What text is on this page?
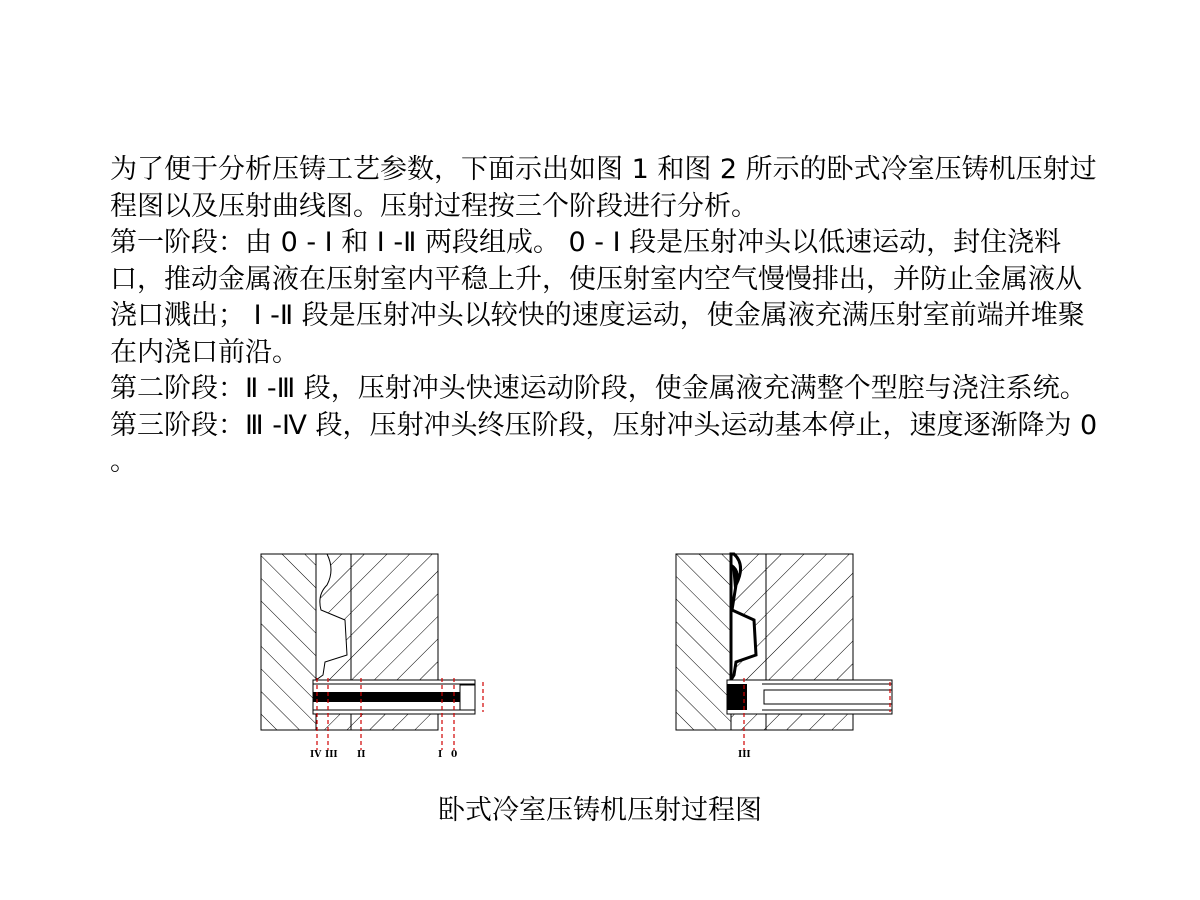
为了便于分析压铸工艺参数，下面示出如图 1 和图 2 所示的卧式冷室压铸机压射过程图以及压射曲线图。压射过程按三个阶段进行分析。

第一阶段：由 0 - Ⅰ 和 Ⅰ -Ⅱ 两段组成。 0 - Ⅰ 段是压射冲头以低速运动，封住浇料口，推动金属液在压射室内平稳上升，使压射室内空气慢慢排出，并防止金属液从浇口溅出； Ⅰ -Ⅱ 段是压射冲头以较快的速度运动，使金属液充满压射室前端并堆聚在内浇口前沿。

第二阶段：Ⅱ -Ⅲ 段，压射冲头快速运动阶段，使金属液充满整个型腔与浇注系统。

第三阶段：Ⅲ -Ⅳ 段，压射冲头终压阶段，压射冲头运动基本停止，速度逐渐降为 0 。

IV III II	I 0	III
卧式冷室压铸机压射过程图
